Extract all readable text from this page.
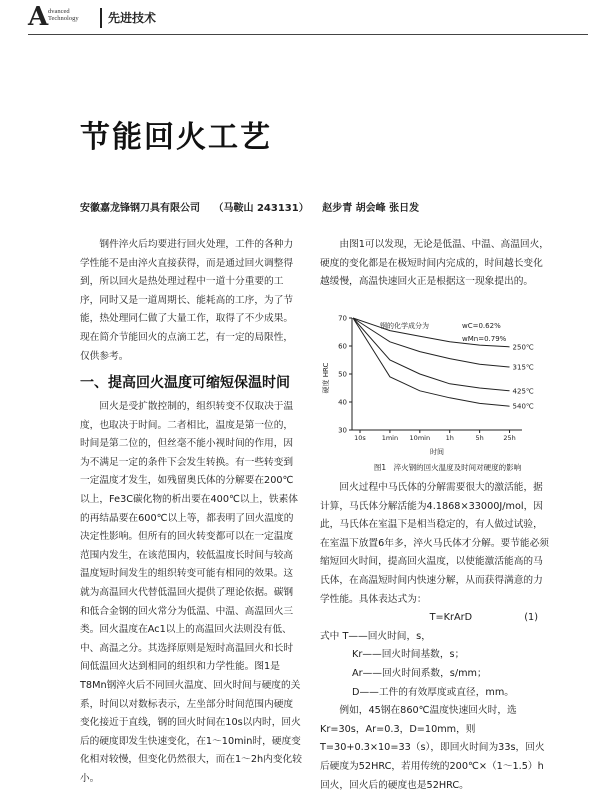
A dvanced
Technology 先进技术
节能回火工艺
安徽嘉龙锋钢刀具有限公司 （马鞍山 243131） 赵步青 胡会峰 张日发

钢件淬火后均要进行回火处理，工件的各种力学性能不是由淬火直接获得，而是通过回火调整得到，所以回火是热处理过程中一道十分重要的工序，同时又是一道周期长、能耗高的工序，为了节能，热处理同仁做了大量工作，取得了不少成果。现在简介节能回火的点滴工艺，有一定的局限性，仅供参考。

一、提高回火温度可缩短保温时间

回火是受扩散控制的，组织转变不仅取决于温度，也取决于时间。二者相比，温度是第一位的，时间是第二位的，但丝毫不能小视时间的作用，因为不满足一定的条件下会发生转换。有一些转变到一定温度才发生，如残留奥氏体的分解要在200℃以上，Fe3C碳化物的析出要在400℃以上，铁素体的再结晶要在600℃以上等，都表明了回火温度的决定性影响。但所有的回火转变都可以在一定温度范围内发生，在该范围内，较低温度长时间与较高温度短时间发生的组织转变可能有相同的效果。这就为高温回火代替低温回火提供了理论依据。碳钢和低合金钢的回火常分为低温、中温、高温回火三类。回火温度在Ac1以上的高温回火法则没有低、中、高温之分。其选择原则是短时高温回火和长时间低温回火达到相同的组织和力学性能。图1是T8Mn钢淬火后不同回火温度、回火时间与硬度的关系，时间以对数标表示，左坐部分时间范围内硬度变化接近于直线，钢的回火时间在10s以内时，回火后的硬度即发生快速变化，在1～10min时，硬度变化相对较慢，但变化仍然很大，而在1～2h内变化较小。

由图1可以发现，无论是低温、中温、高温回火，硬度的变化都是在极短时间内完成的，时间越长变化越缓慢，高温快速回火正是根据这一现象提出的。

硬度 HRC
时间
30
40
50
60
70
10s 1min 10min 1h	5h	25h
250℃
315℃
425℃
540℃
钢的化学成分为	wC=0.62%
wMn=0.79%
图1　淬火钢的回火温度及时间对硬度的影响

回火过程中马氏体的分解需要很大的激活能，据计算，马氏体分解活能为4.1868×33000J/mol，因此，马氏体在室温下是相当稳定的，有人做过试验，在室温下放置6年多，淬火马氏体才分解。要节能必须缩短回火时间，提高回火温度，以使能激活能高的马氏体，在高温短时间内快速分解，从而获得满意的力学性能。具体表达式为：

T=KrArD	(1)

式中 T——回火时间，s，

Kr——回火时间基数，s；

Ar——回火时间系数，s/mm；

D——工件的有效厚度或直径，mm。

例如，45钢在860℃温度快速回火时，选Kr=30s，Ar=0.3，D=10mm，则T=30+0.3×10=33（s），即回火时间为33s，回火后硬度为52HRC，若用传统的200℃×（1～1.5）h回火，回火后的硬度也是52HRC。
